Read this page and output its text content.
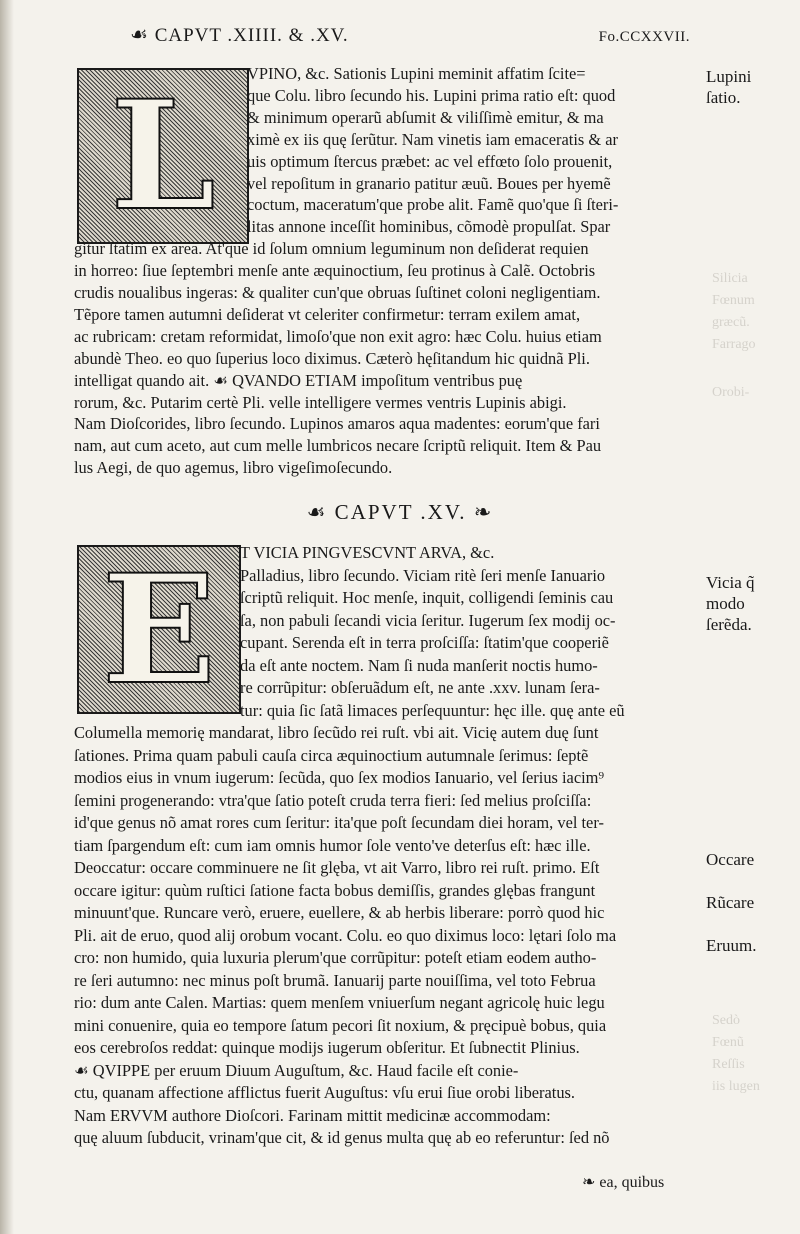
☙ CAPVT .XIIII. & .XV.	Fo.CCXXVII.
L	VPINO, &c. Sationis Lupini meminit affatim ſcite=
que Colu. libro ſecundo his. Lupini prima ratio eſt: quod
& minimum operarũ abſumit & viliſſimè emitur, & ma
ximè ex iis quę ſerũtur. Nam vinetis iam emaceratis & ar
uis optimum ſtercus præbet: ac vel effœto ſolo prouenit,
vel repoſitum in granario patitur æuũ. Boues per hyemẽ
coctum, maceratum'que probe alit. Famẽ quo'que ſi ſteri-
litas annone inceſſit hominibus, cõmodè propulſat. Spar
gitur ſtatim ex area. At'que id ſolum omnium leguminum non deſiderat requien
in horreo: ſiue ſeptembri menſe ante æquinoctium, ſeu protinus à Calẽ. Octobris
crudis noualibus ingeras: & qualiter cun'que obruas ſuſtinet coloni negligentiam.
Tẽpore tamen autumni deſiderat vt celeriter confirmetur: terram exilem amat,
ac rubricam: cretam reformidat, limoſo'que non exit agro: hæc Colu. huius etiam
abundè Theo. eo quo ſuperius loco diximus. Cæterò hęſitandum hic quidnã Pli.
intelligat quando ait. ☙ QVANDO ETIAM impoſitum ventribus puę
rorum, &c. Putarim certè Pli. velle intelligere vermes ventris Lupinis abigi.
Nam Dioſcorides, libro ſecundo. Lupinos amaros aqua madentes: eorum'que fari
nam, aut cum aceto, aut cum melle lumbricos necare ſcriptũ reliquit. Item & Pau
lus Aegi, de quo agemus, libro vigeſimoſecundo.
☙ CAPVT .XV. ❧
E	T VICIA PINGVESCVNT ARVA, &c.
Palladius, libro ſecundo. Viciam ritè ſeri menſe Ianuario
ſcriptũ reliquit. Hoc menſe, inquit, colligendi ſeminis cau
ſa, non pabuli ſecandi vicia ſeritur. Iugerum ſex modij oc-
cupant. Serenda eſt in terra proſciſſa: ſtatim'que cooperiẽ
da eſt ante noctem. Nam ſi nuda manſerit noctis humo-
re corrũpitur: obſeruãdum eſt, ne ante .xxv. lunam ſera-
tur: quia ſic ſatã limaces perſequuntur: hęc ille. quę ante eũ
Columella memorię mandarat, libro ſecũdo rei ruſt. vbi ait. Vicię autem duę ſunt
ſationes. Prima quam pabuli cauſa circa æquinoctium autumnale ſerimus: ſeptẽ
modios eius in vnum iugerum: ſecũda, quo ſex modios Ianuario, vel ſerius iacim⁹
ſemini progenerando: vtra'que ſatio poteſt cruda terra fieri: ſed melius proſciſſa:
id'que genus nõ amat rores cum ſeritur: ita'que poſt ſecundam diei horam, vel ter-
tiam ſpargendum eſt: cum iam omnis humor ſole vento've deterſus eſt: hæc ille.
Deoccatur: occare comminuere ne ſit glęba, vt ait Varro, libro rei ruſt. primo. Eſt
occare igitur: quùm ruſtici ſatione facta bobus demiſſis, grandes glębas frangunt
minuunt'que. Runcare verò, eruere, euellere, & ab herbis liberare: porrò quod hic
Pli. ait de eruo, quod alij orobum vocant. Colu. eo quo diximus loco: lętari ſolo ma
cro: non humido, quia luxuria plerum'que corrũpitur: poteſt etiam eodem autho-
re ſeri autumno: nec minus poſt brumã. Ianuarij parte nouiſſima, vel toto Februa
rio: dum ante Calen. Martias: quem menſem vniuerſum negant agricolę huic legu
mini conuenire, quia eo tempore ſatum pecori ſit noxium, & pręcipuè bobus, quia
eos cerebroſos reddat: quinque modijs iugerum obſeritur. Et ſubnectit Plinius.
☙ QVIPPE per eruum Diuum Auguſtum, &c. Haud facile eſt conie-
ctu, quanam affectione afflictus fuerit Auguſtus: vſu erui ſiue orobi liberatus.
Nam ERVVM authore Dioſcori. Farinam mittit medicinæ accommodam:
quę aluum ſubducit, vrinam'que cit, & id genus multa quę ab eo referuntur: ſed nõ
❧ ea, quibus
Lupini
ſatio.
Vicia q̃
modo
ſerẽda.
Occare
Rũcare
Eruum.
Silicia
Fœnum
græcũ.
Farrago
Orobi-
Sedò
Fœnũ
Reſſis
iis lugen
